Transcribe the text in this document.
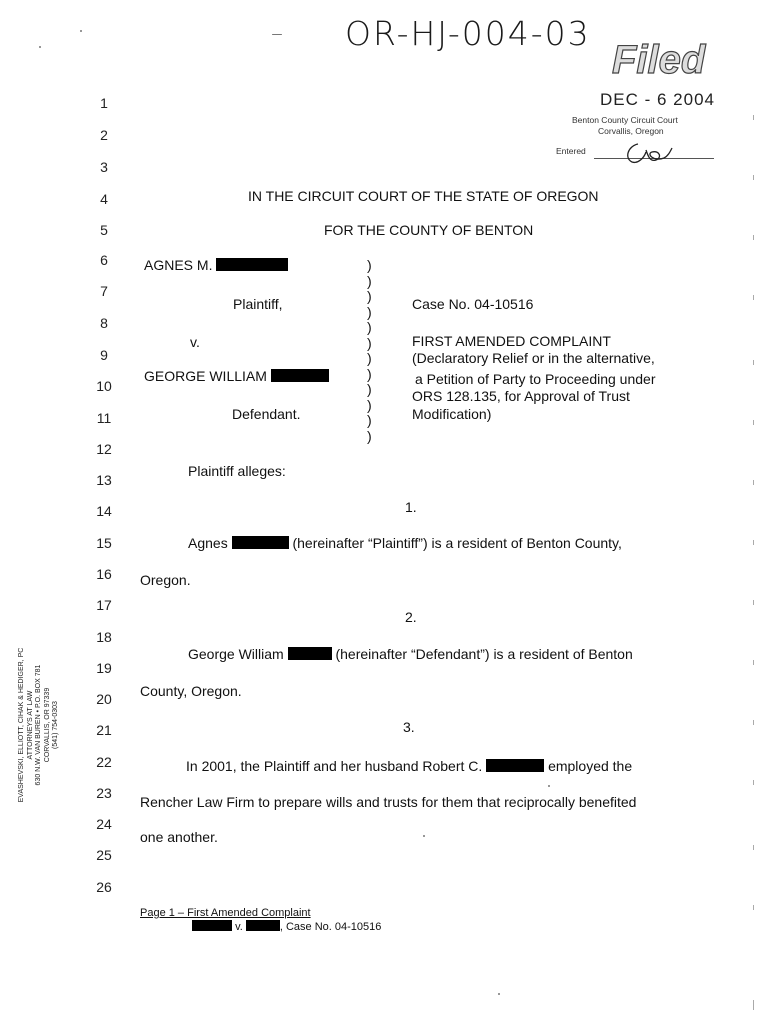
OR-HJ-004-03
Filed
DEC - 6 2004
Benton County Circuit Court
Corvallis, Oregon
Entered
1
2
3
4
5
6
7
8
9
10
11
12
13
14
15
16
17
18
19
20
21
22
23
24
25
26
IN THE CIRCUIT COURT OF THE STATE OF OREGON
FOR THE COUNTY OF BENTON
AGNES M.
Plaintiff,
v.
GEORGE WILLIAM
Defendant.
)
)
)
)
)
)
)
)
)
)
)
)
Case No. 04-10516
FIRST AMENDED COMPLAINT
(Declaratory Relief or in the alternative,
a Petition of Party to Proceeding under
ORS 128.135, for Approval of Trust
Modification)
Plaintiff alleges:
1.
Agnes	(hereinafter “Plaintiff”) is a resident of Benton County,
Oregon.
2.
George William	(hereinafter “Defendant”) is a resident of Benton
County, Oregon.
3.
In 2001, the Plaintiff and her husband Robert C.	employed the
Rencher Law Firm to prepare wills and trusts for them that reciprocally benefited
one another.
Page 1 – First Amended Complaint
v.	, Case No. 04-10516
EVASHEVSKI, ELLIOTT, CIHAK & HEDIGER, PC ATTORNEYS AT LAW 630 N.W. VAN BUREN • P.O. BOX 781 CORVALLIS, OR 97339 (541) 754-0303
